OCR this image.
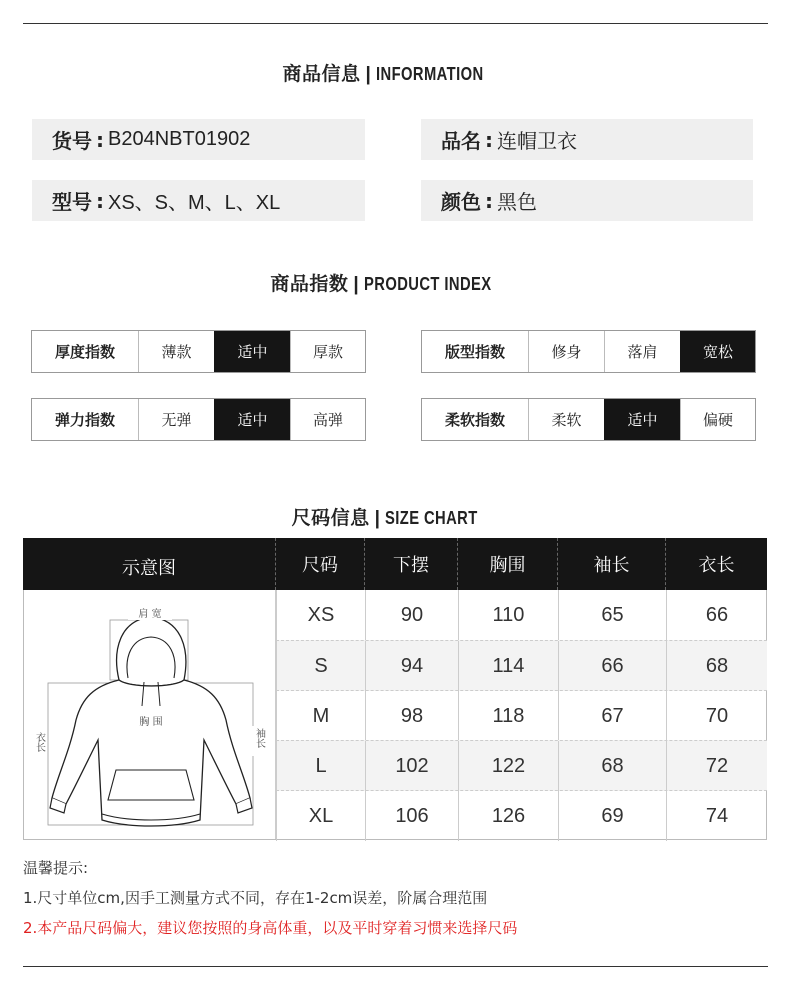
商品信息 | INFORMATION
货号 : B204NBT01902	品名 : 连帽卫衣
型号 : XS、S、M、L、XL	颜色 : 黑色
商品指数 | PRODUCT INDEX
厚度指数	薄款	适中	厚款	版型指数	修身	落肩	宽松
弹力指数	无弹	适中	高弹	柔软指数	柔软	适中	偏硬
尺码信息 | SIZE CHART
示意图	尺码	下摆	胸围	袖长	衣长
肩 宽
胸 围
衣长	袖长
XS	90	110	65	66
S	94	114	66	68
M	98	118	67	70
L	102	122	68	72
XL	106	126	69	74
温馨提示:
1.尺寸单位cm,因手工测量方式不同，存在1-2cm误差，阶属合理范围
2.本产品尺码偏大，建议您按照的身高体重，以及平时穿着习惯来选择尺码
